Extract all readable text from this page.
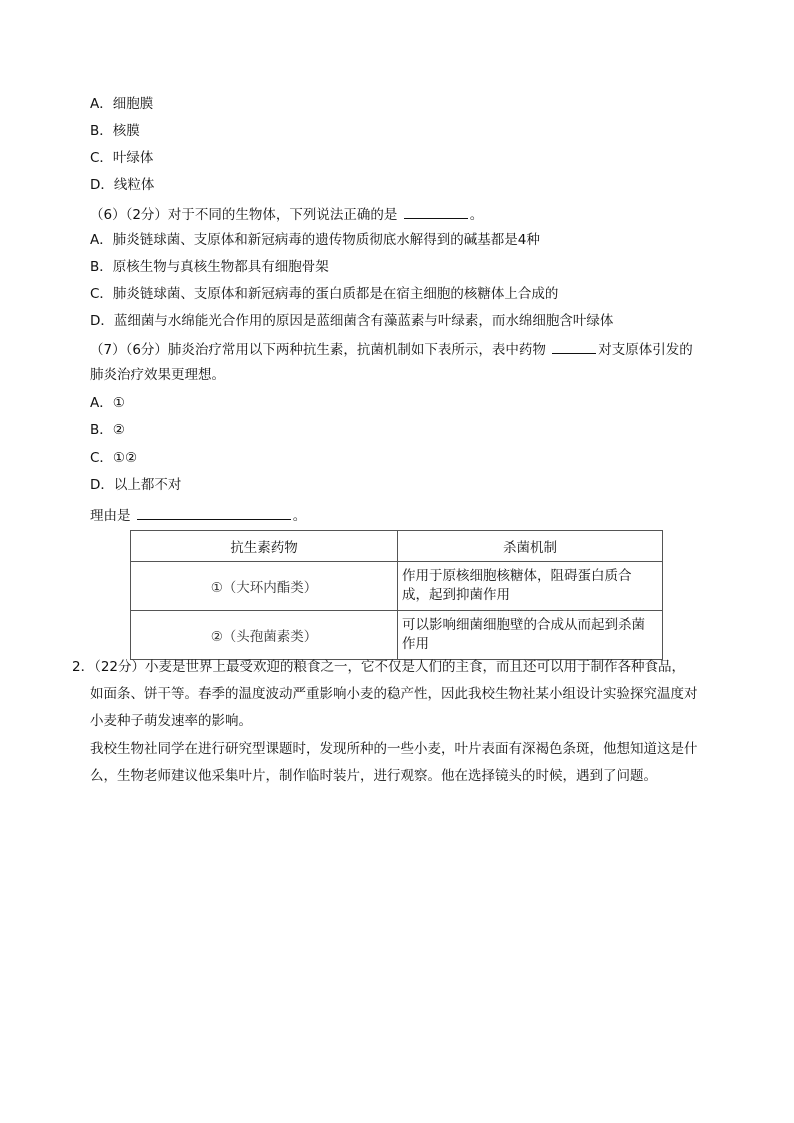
A．细胞膜
B．核膜
C．叶绿体
D．线粒体
（6）（2分）对于不同的生物体，下列说法正确的是	。
A．肺炎链球菌、支原体和新冠病毒的遗传物质彻底水解得到的碱基都是4种
B．原核生物与真核生物都具有细胞骨架
C．肺炎链球菌、支原体和新冠病毒的蛋白质都是在宿主细胞的核糖体上合成的
D．蓝细菌与水绵能光合作用的原因是蓝细菌含有藻蓝素与叶绿素，而水绵细胞含叶绿体
（7）（6分）肺炎治疗常用以下两种抗生素，抗菌机制如下表所示，表中药物	对支原体引发的
肺炎治疗效果更理想。
A．①
B．②
C．①②
D．以上都不对
理由是	。
抗生素药物	杀菌机制
①（大环内酯类）	作用于原核细胞核糖体，阻碍蛋白质合成，起到抑菌作用
②（头孢菌素类）	可以影响细菌细胞壁的合成从而起到杀菌作用
2．（22分）小麦是世界上最受欢迎的粮食之一，它不仅是人们的主食，而且还可以用于制作各种食品，
如面条、饼干等。春季的温度波动严重影响小麦的稳产性，因此我校生物社某小组设计实验探究温度对
小麦种子萌发速率的影响。
我校生物社同学在进行研究型课题时，发现所种的一些小麦，叶片表面有深褐色条斑，他想知道这是什
么，生物老师建议他采集叶片，制作临时装片，进行观察。他在选择镜头的时候，遇到了问题。
